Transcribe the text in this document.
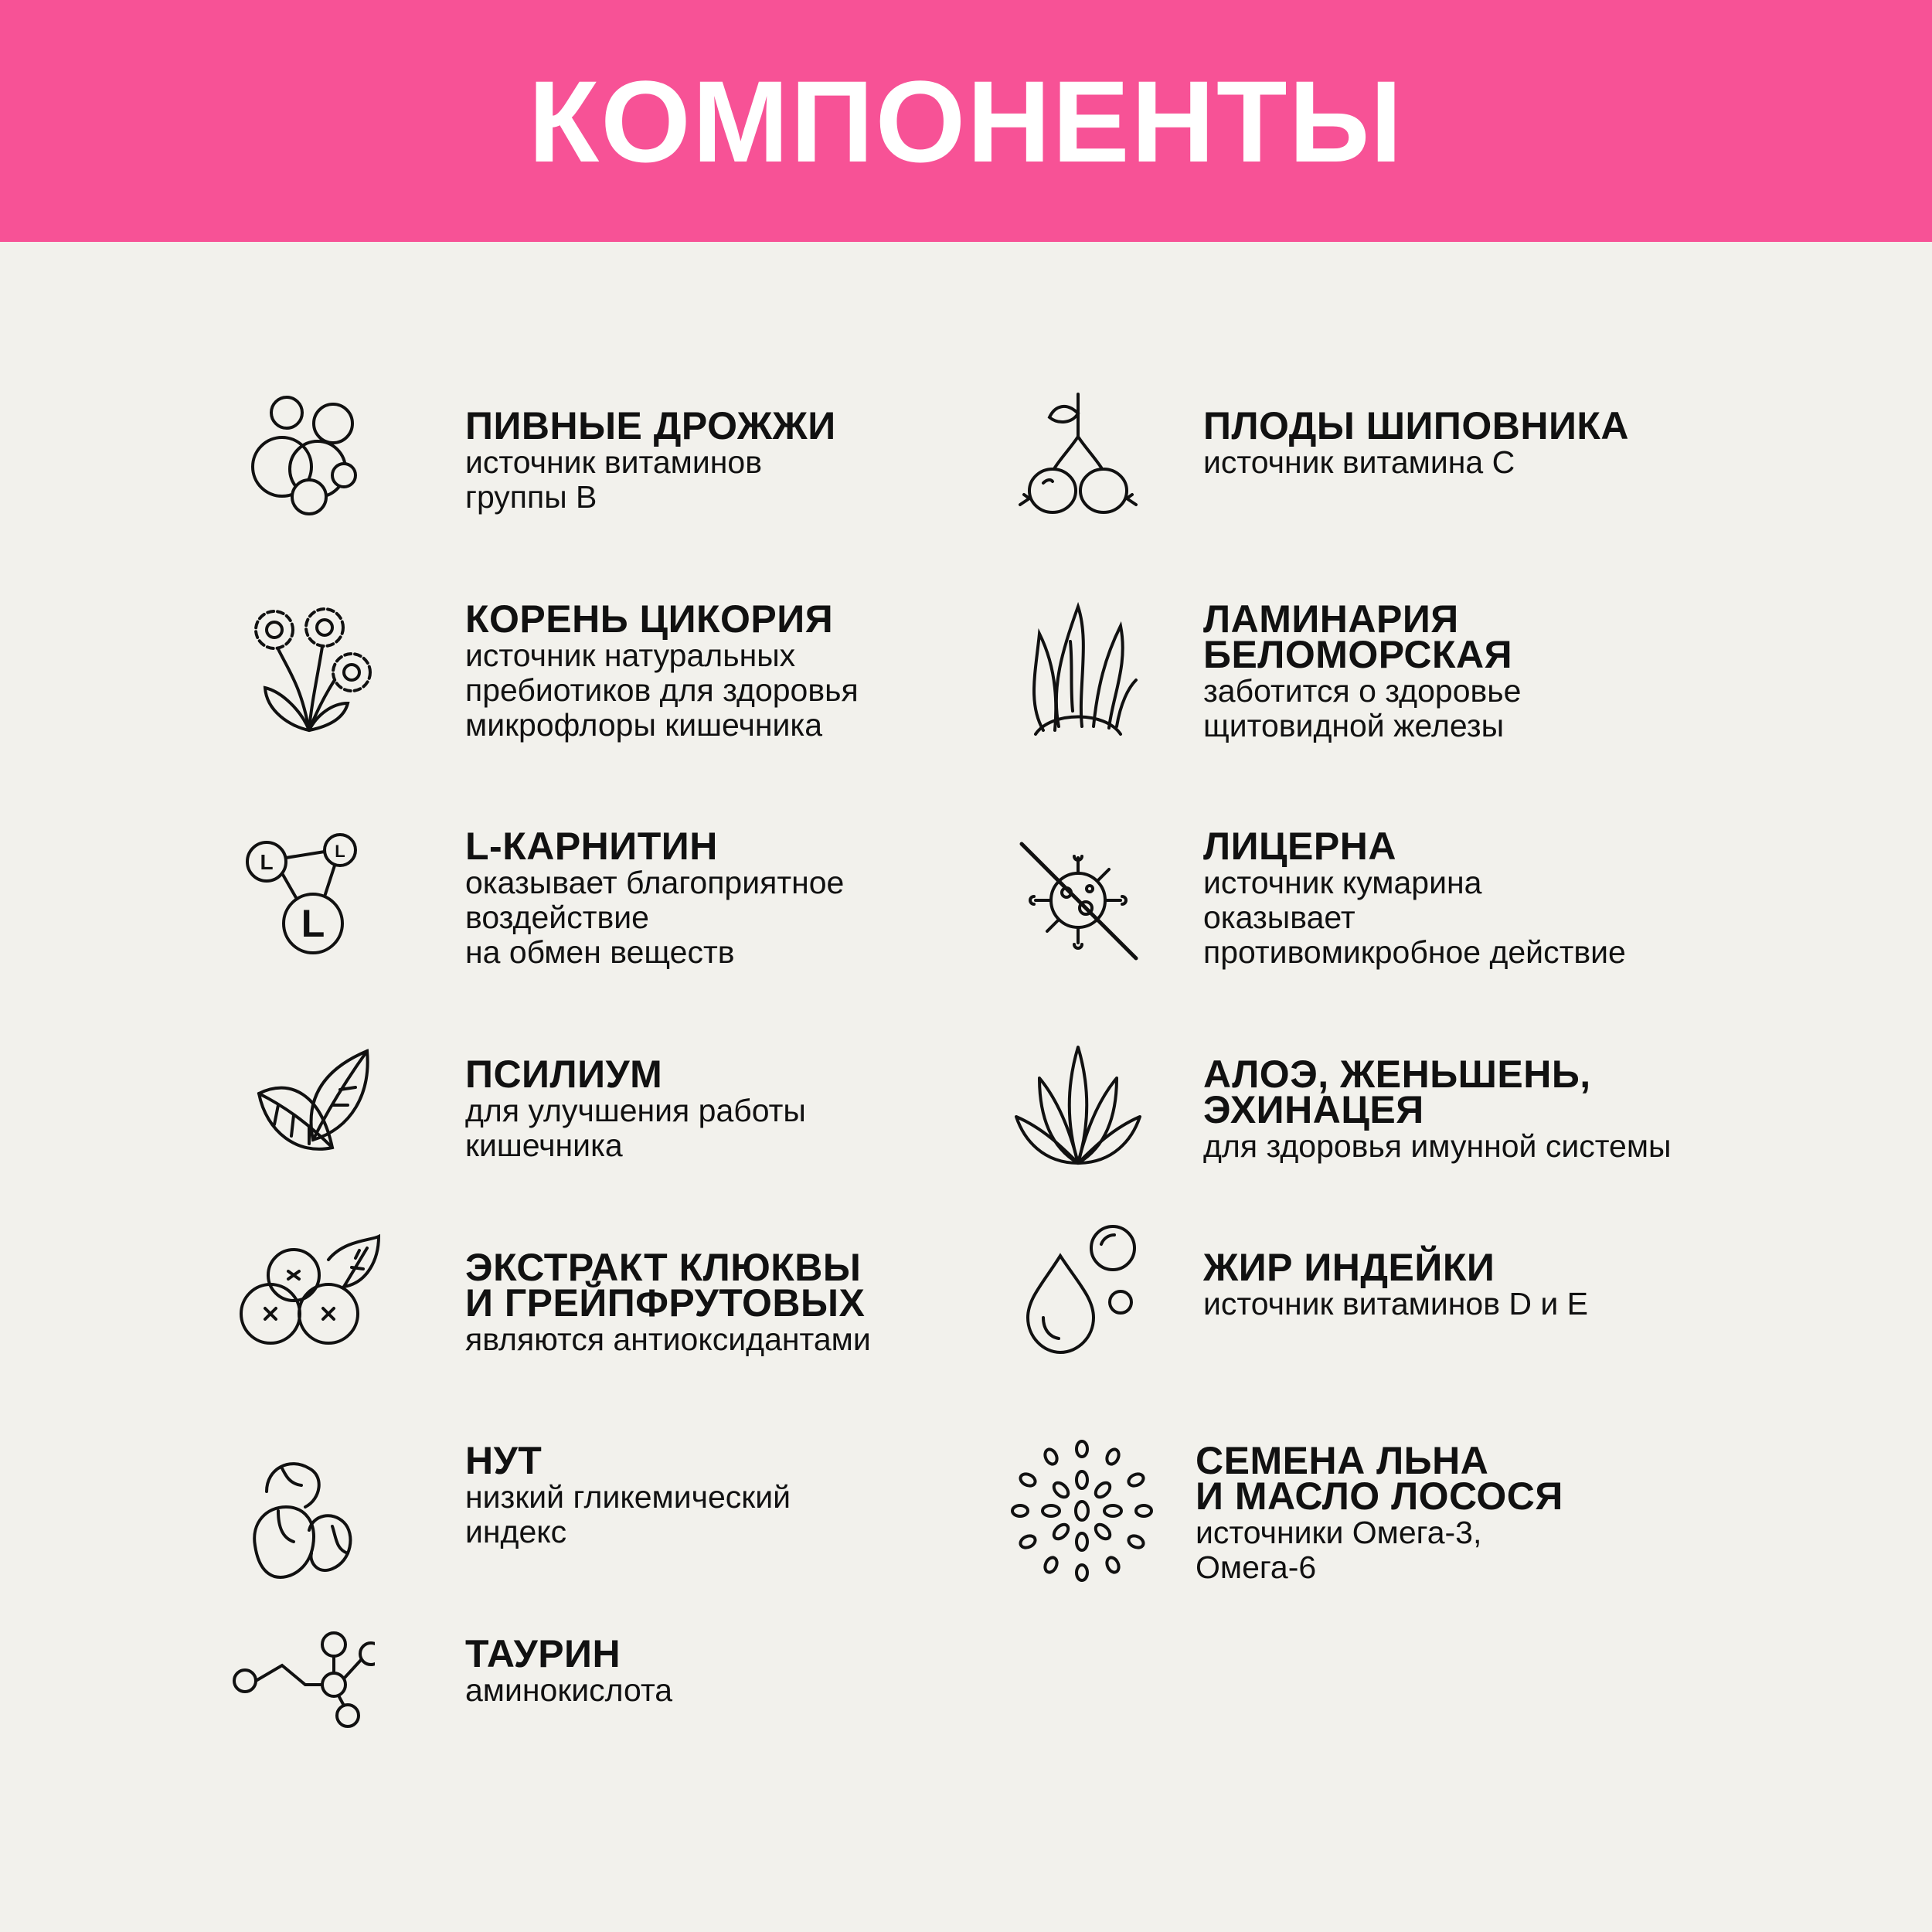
КОМПОНЕНТЫ
ПИВНЫЕ ДРОЖЖИ
источник витаминов
группы В
ПЛОДЫ ШИПОВНИКА
источник витамина С
КОРЕНЬ ЦИКОРИЯ
источник натуральных
пребиотиков для здоровья
микрофлоры кишечника
ЛАМИНАРИЯ
БЕЛОМОРСКАЯ
заботится о здоровье
щитовидной железы
L	L
L
L-КАРНИТИН
оказывает благоприятное
воздействие
на обмен веществ
ЛИЦЕРНА
источник кумарина
оказывает
противомикробное действие
ПСИЛИУМ
для улучшения работы
кишечника
АЛОЭ, ЖЕНЬШЕНЬ,
ЭХИНАЦЕЯ
для здоровья имунной системы
ЭКСТРАКТ КЛЮКВЫ
И ГРЕЙПФРУТОВЫХ
являются антиоксидантами
ЖИР ИНДЕЙКИ
источник витаминов D и E
НУТ
низкий гликемический
индекс
СЕМЕНА ЛЬНА
И МАСЛО ЛОСОСЯ
источники Омега-3,
Омега-6
ТАУРИН
аминокислота
